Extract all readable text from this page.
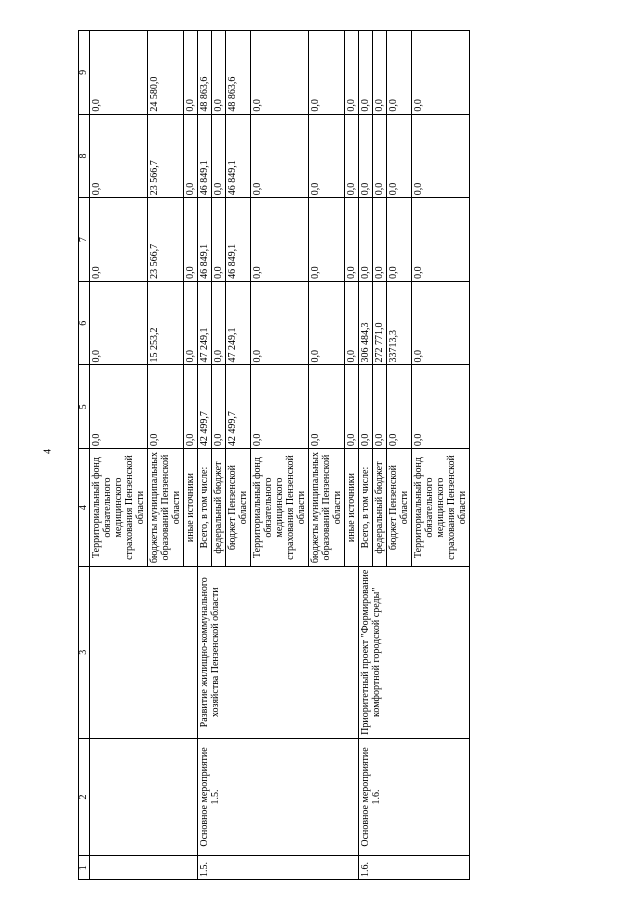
4
1	2	3	4	5	6	7	8	9
			Территориальный фонд обязательного медицинского страхования Пензенской области	0,0	0,0	0,0	0,0	0,0
			бюджеты муниципальных образований Пензенской области	0,0	15 253,2	23 566,7	23 566,7	24 580,0
			иные источники	0,0	0,0	0,0	0,0	0,0
1.5.	Основное мероприятие 1.5.	Развитие жилищно-коммунального хозяйства Пензенской области	Всего, в том числе:	42 499,7	47 249,1	46 849,1	46 849,1	48 863,6
			федеральный бюджет	0,0	0,0	0,0	0,0	0,0
			бюджет Пензенской области	42 499,7	47 249,1	46 849,1	46 849,1	48 863,6
			Территориальный фонд обязательного медицинского страхования Пензенской области	0,0	0,0	0,0	0,0	0,0
			бюджеты муниципальных образований Пензенской области	0,0	0,0	0,0	0,0	0,0
			иные источники	0,0	0,0	0,0	0,0	0,0
1.6.	Основное мероприятие 1.6.	Приоритетный проект "Формирование комфортной городской среды"	Всего, в том числе:	0,0	306 484,3	0,0	0,0	0,0
			федеральный бюджет	0,0	272 771,0	0,0	0,0	0,0
			бюджет Пензенской области	0,0	33713,3	0,0	0,0	0,0
			Территориальный фонд обязательного медицинского страхования Пензенской области	0,0	0,0	0,0	0,0	0,0
